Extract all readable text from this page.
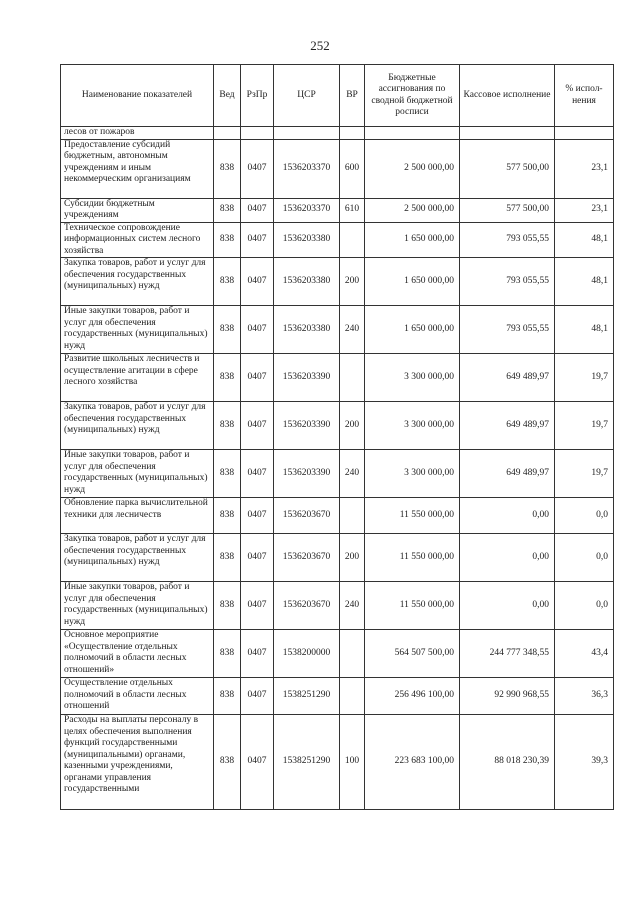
252
Наименование показателей	Вед	РзПр	ЦСР	ВР	Бюджетные ассигнования по сводной бюджетной росписи	Кассовое исполнение	% испол- нения
лесов от пожаров							
Предоставление субсидий бюджетным, автономным учреждениям и иным некоммерческим организациям	838	0407	1536203370	600	2 500 000,00	577 500,00	23,1
Субсидии бюджетным учреждениям	838	0407	1536203370	610	2 500 000,00	577 500,00	23,1
Техническое сопровождение информационных систем лесного хозяйства	838	0407	1536203380		1 650 000,00	793 055,55	48,1
Закупка товаров, работ и услуг для обеспечения государственных (муниципальных) нужд	838	0407	1536203380	200	1 650 000,00	793 055,55	48,1
Иные закупки товаров, работ и услуг для обеспечения государственных (муниципальных) нужд	838	0407	1536203380	240	1 650 000,00	793 055,55	48,1
Развитие школьных лесничеств и осуществление агитации в сфере лесного хозяйства	838	0407	1536203390		3 300 000,00	649 489,97	19,7
Закупка товаров, работ и услуг для обеспечения государственных (муниципальных) нужд	838	0407	1536203390	200	3 300 000,00	649 489,97	19,7
Иные закупки товаров, работ и услуг для обеспечения государственных (муниципальных) нужд	838	0407	1536203390	240	3 300 000,00	649 489,97	19,7
Обновление парка вычислительной техники для лесничеств	838	0407	1536203670		11 550 000,00	0,00	0,0
Закупка товаров, работ и услуг для обеспечения государственных (муниципальных) нужд	838	0407	1536203670	200	11 550 000,00	0,00	0,0
Иные закупки товаров, работ и услуг для обеспечения государственных (муниципальных) нужд	838	0407	1536203670	240	11 550 000,00	0,00	0,0
Основное мероприятие «Осуществление отдельных полномочий в области лесных отношений»	838	0407	1538200000		564 507 500,00	244 777 348,55	43,4
Осуществление отдельных полномочий в области лесных отношений	838	0407	1538251290		256 496 100,00	92 990 968,55	36,3
Расходы на выплаты персоналу в целях обеспечения выполнения функций государственными (муниципальными) органами, казенными учреждениями, органами управления государственными	838	0407	1538251290	100	223 683 100,00	88 018 230,39	39,3
